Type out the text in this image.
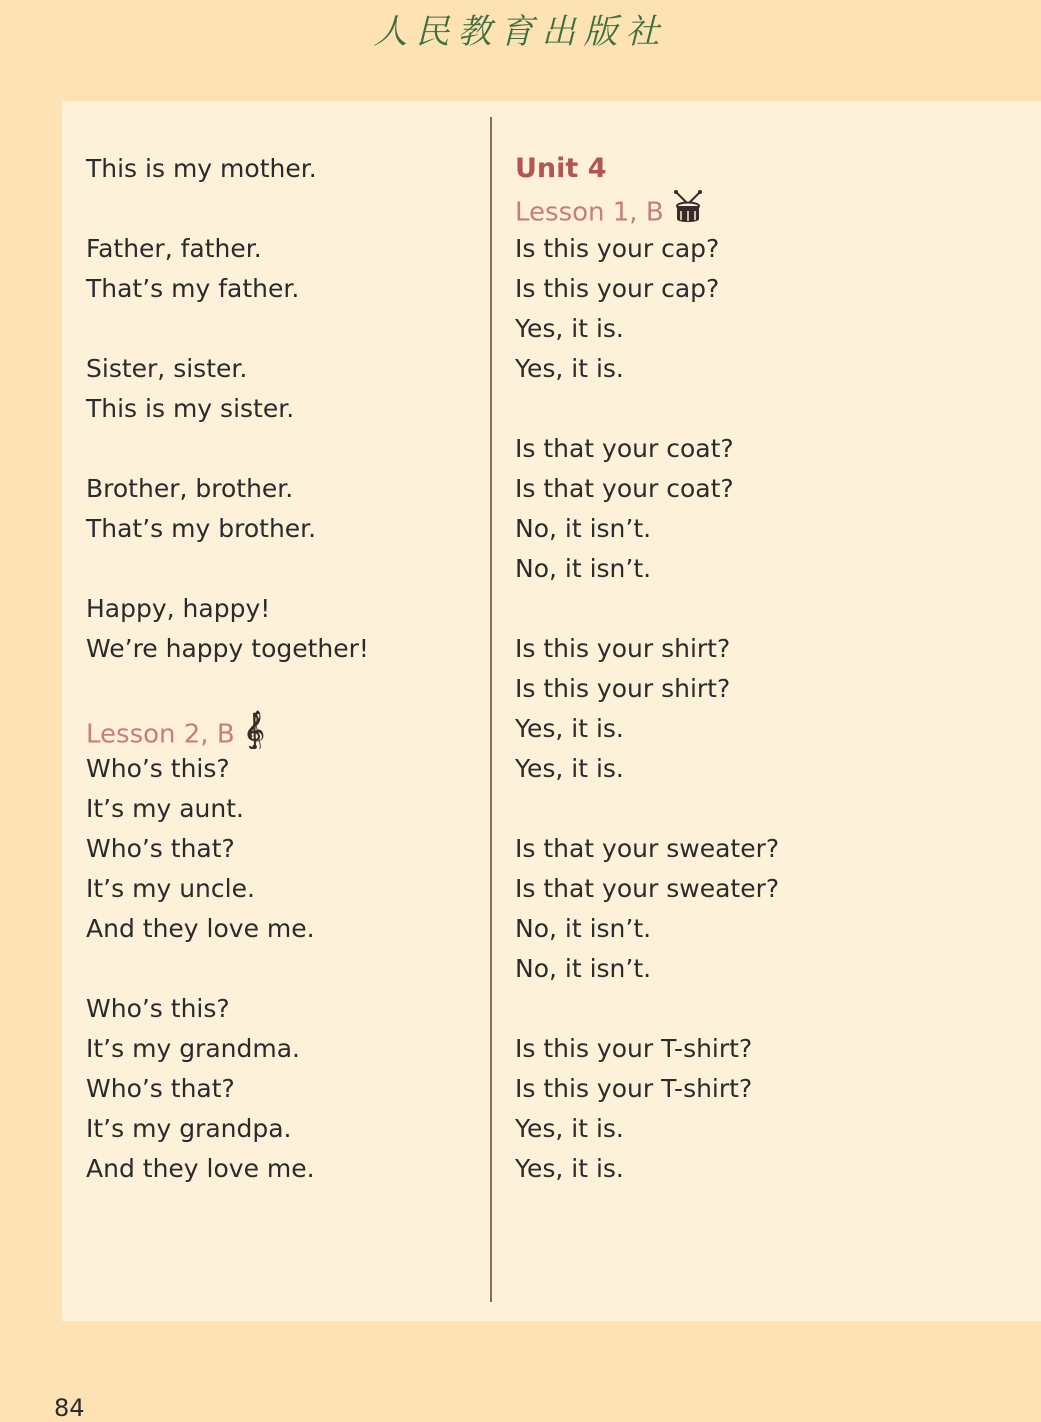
人民教育出版社
This is my mother.
Father, father.
That’s my father.
Sister, sister.
This is my sister.
Brother, brother.
That’s my brother.
Happy, happy!
We’re happy together!
Lesson 2, B 𝄞
Who’s this?
It’s my aunt.
Who’s that?
It’s my uncle.
And they love me.
Who’s this?
It’s my grandma.
Who’s that?
It’s my grandpa.
And they love me.
Unit 4
Lesson 1, B
Is this your cap?
Is this your cap?
Yes, it is.
Yes, it is.
Is that your coat?
Is that your coat?
No, it isn’t.
No, it isn’t.
Is this your shirt?
Is this your shirt?
Yes, it is.
Yes, it is.
Is that your sweater?
Is that your sweater?
No, it isn’t.
No, it isn’t.
Is this your T-shirt?
Is this your T-shirt?
Yes, it is.
Yes, it is.
84
